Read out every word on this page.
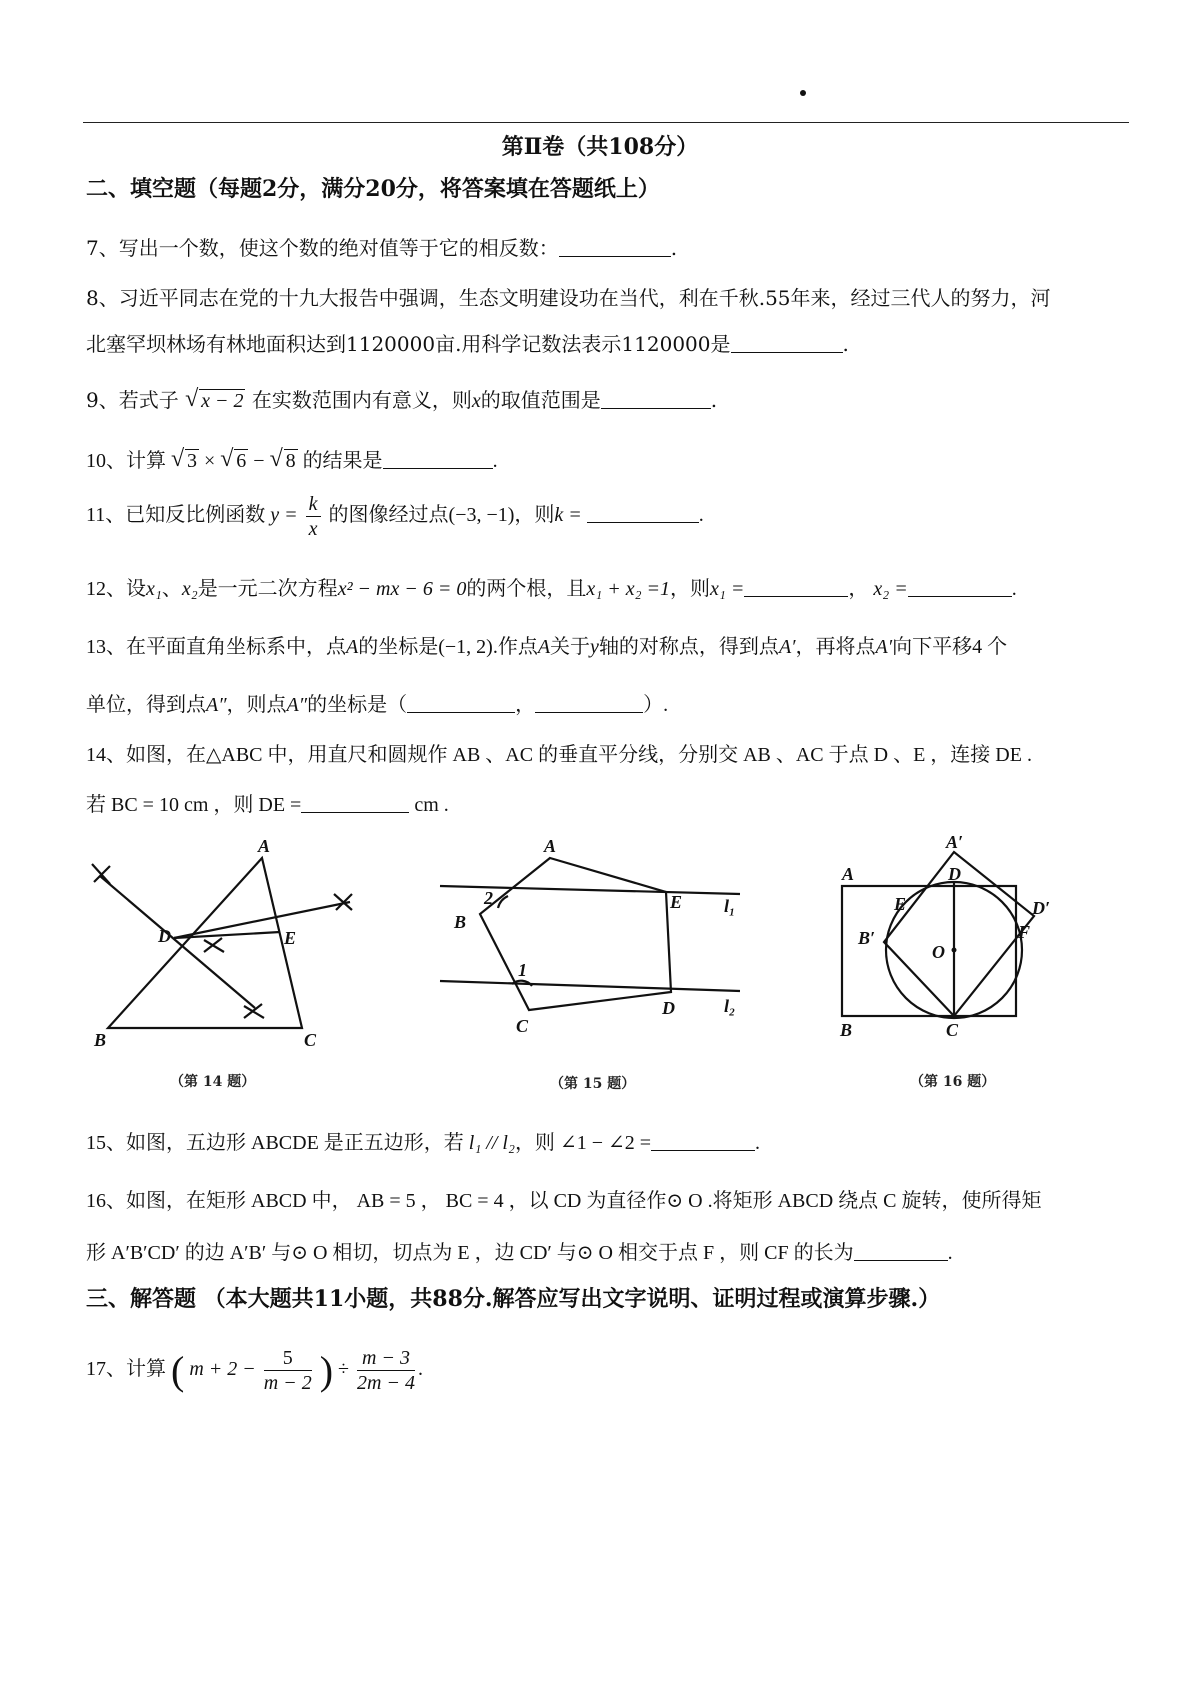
第Ⅱ卷（共108分）
二、填空题（每题2分，满分20分，将答案填在答题纸上）
7、写出一个数，使这个数的绝对值等于它的相反数：	.
8、习近平同志在党的十九大报告中强调，生态文明建设功在当代，利在千秋.55年来，经过三代人的努力，河
北塞罕坝林场有林地面积达到1120000亩.用科学记数法表示1120000是	.
9、若式子 √ x − 2 在实数范围内有意义，则x的取值范围是	.
10、计算 √ 3 × √ 6 − √ 8 的结果是	.
11、已知反比例函数 $y = \frac{k}{x}$ 的图像经过点(−3, −1)，则k =	.
12、设x₁、x₂是一元二次方程x² − mx − 6 = 0的两个根，且x₁ + x₂ =1，则x₁ =	， x₂ =	.
13、在平面直角坐标系中，点A的坐标是(−1, 2).作点A关于y轴的对称点，得到点A′，再将点A′向下平移4 个
单位，得到点A″，则点A″的坐标是（	，	）.
14、如图，在△ABC 中，用直尺和圆规作 AB 、AC 的垂直平分线，分别交 AB 、AC 于点 D 、E ，连接 DE .
若 BC = 10 cm ，则 DE =	cm .
A
B	C
D	E
（第 14 题）
A
B
C
D
E
1
2	l₁
l₂
（第 15 题）
A
B	C
D
A′
B′
D′
E
F
O
（第 16 题）
15、如图，五边形 ABCDE 是正五边形，若 l₁ // l₂，则 ∠1 − ∠2 =	.
16、如图，在矩形 ABCD 中， AB = 5 ， BC = 4 ，以 CD 为直径作⊙ O .将矩形 ABCD 绕点 C 旋转，使所得矩
形 A′B′CD′ 的边 A′B′ 与⊙ O 相切，切点为 E ，边 CD′ 与⊙ O 相交于点 F ，则 CF 的长为	.
三、解答题 （本大题共11小题，共88分.解答应写出文字说明、证明过程或演算步骤.）
17、计算 ( $m + 2 - \frac{5}{m - 2}$ ) ÷ $\frac{m - 3}{2m - 4}$ .
